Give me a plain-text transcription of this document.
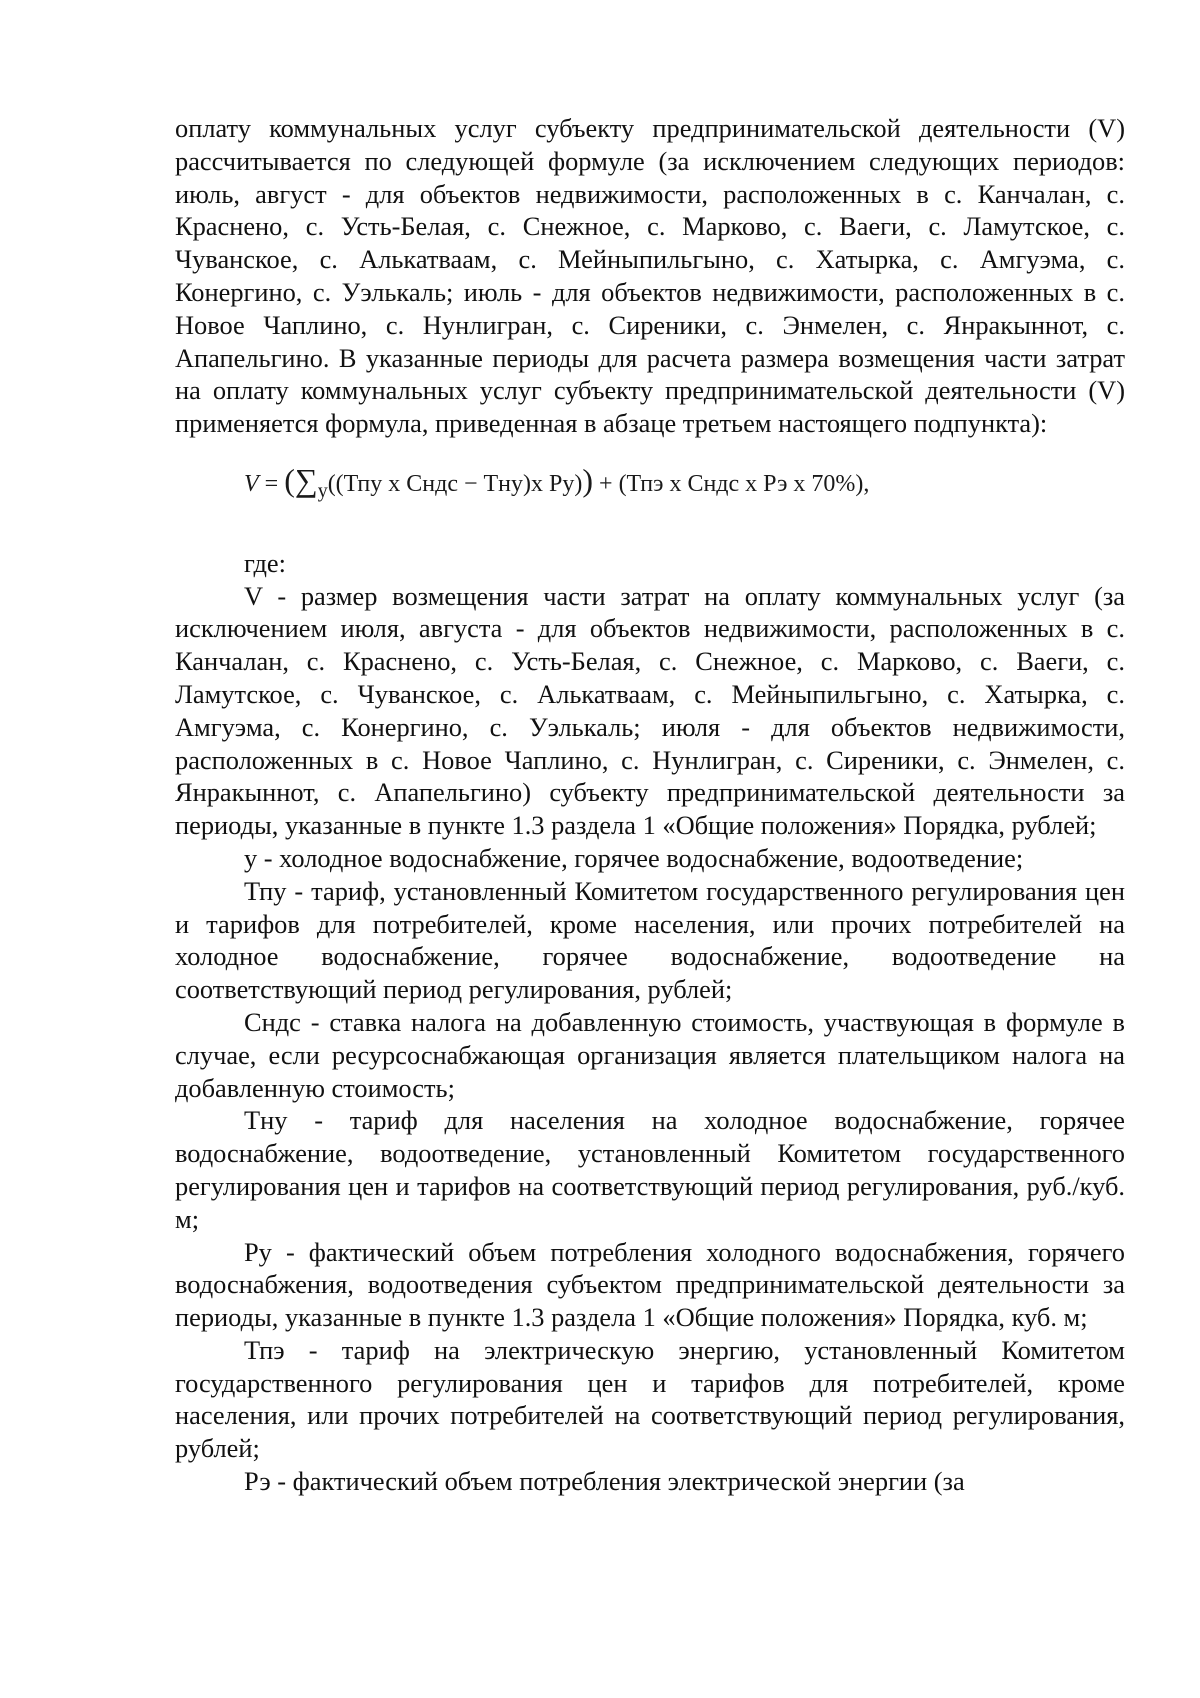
оплату коммунальных услуг субъекту предпринимательской деятельности (V) рассчитывается по следующей формуле (за исключением следующих периодов: июль, август - для объектов недвижимости, расположенных в с. Канчалан, с. Краснено, с. Усть-Белая, с. Снежное, с. Марково, с. Ваеги, с. Ламутское, с. Чуванское, с. Алькатваам, с. Мейныпильгыно, с. Хатырка, с. Амгуэма, с. Конергино, с. Уэлькаль; июль - для объектов недвижимости, расположенных в с. Новое Чаплино, с. Нунлигран, с. Сиреники, с. Энмелен, с. Янракыннот, с. Апапельгино. В указанные периоды для расчета размера возмещения части затрат на оплату коммунальных услуг субъекту предпринимательской деятельности (V) применяется формула, приведенная в абзаце третьем настоящего подпункта):

$V = (\sum_y((Тпу$ х Сндс − Тну)х Ру)) + (Тпэ х Сндс х Рэ х 70%),

где:

V - размер возмещения части затрат на оплату коммунальных услуг (за исключением июля, августа - для объектов недвижимости, расположенных в с. Канчалан, с. Краснено, с. Усть-Белая, с. Снежное, с. Марково, с. Ваеги, с. Ламутское, с. Чуванское, с. Алькатваам, с. Мейныпильгыно, с. Хатырка, с. Амгуэма, с. Конергино, с. Уэлькаль; июля - для объектов недвижимости, расположенных в с. Новое Чаплино, с. Нунлигран, с. Сиреники, с. Энмелен, с. Янракыннот, с. Апапельгино) субъекту предпринимательской деятельности за периоды, указанные в пункте 1.3 раздела 1 «Общие положения» Порядка, рублей;

у - холодное водоснабжение, горячее водоснабжение, водоотведение;

Тпу - тариф, установленный Комитетом государственного регулирования цен и тарифов для потребителей, кроме населения, или прочих потребителей на холодное водоснабжение, горячее водоснабжение, водоотведение на соответствующий период регулирования, рублей;

Сндс - ставка налога на добавленную стоимость, участвующая в формуле в случае, если ресурсоснабжающая организация является плательщиком налога на добавленную стоимость;

Тну - тариф для населения на холодное водоснабжение, горячее водоснабжение, водоотведение, установленный Комитетом государственного регулирования цен и тарифов на соответствующий период регулирования, руб./куб. м;

Ру - фактический объем потребления холодного водоснабжения, горячего водоснабжения, водоотведения субъектом предпринимательской деятельности за периоды, указанные в пункте 1.3 раздела 1 «Общие положения» Порядка, куб. м;

Тпэ - тариф на электрическую энергию, установленный Комитетом государственного регулирования цен и тарифов для потребителей, кроме населения, или прочих потребителей на соответствующий период регулирования, рублей;

Рэ - фактический объем потребления электрической энергии (за
